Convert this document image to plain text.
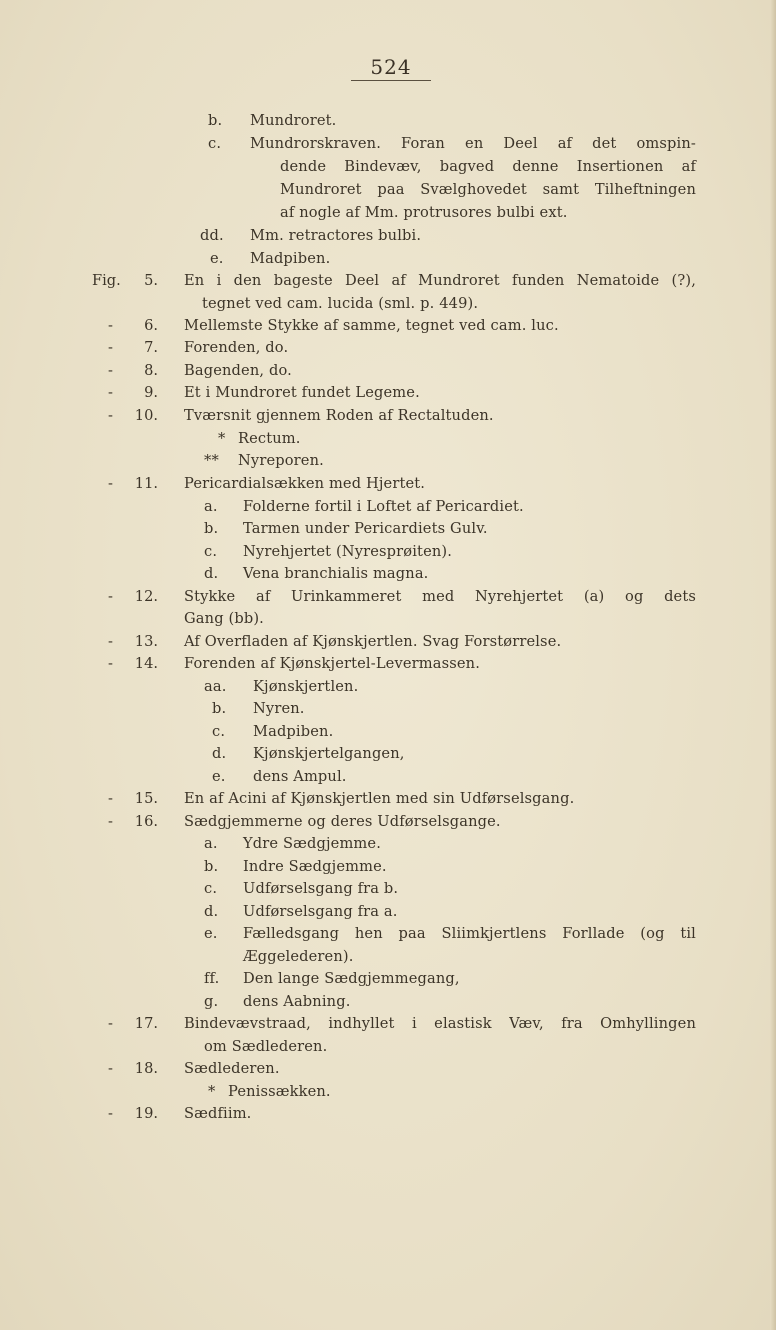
524
b. Mundroret.
c. Mundrorskraven. Foran en Deel af det omspin-
dende Bindevæv, bagved denne Insertionen af
Mundroret paa Svælghovedet samt Tilheftningen
af nogle af Mm. protrusores bulbi ext.
dd. Mm. retractores bulbi.
e. Madpiben.
Fig. 5. En i den bageste Deel af Mundroret funden Nematoide (?),
tegnet ved cam. lucida (sml. p. 449).
- 6. Mellemste Stykke af samme, tegnet ved cam. luc.
- 7. Forenden, do.
- 8. Bagenden, do.
- 9. Et i Mundroret fundet Legeme.
- 10. Tværsnit gjennem Roden af Rectaltuden.
* Rectum.
** Nyreporen.
- 11. Pericardialsækken med Hjertet.
a. Folderne fortil i Loftet af Pericardiet.
b. Tarmen under Pericardiets Gulv.
c. Nyrehjertet (Nyresprøiten).
d. Vena branchialis magna.
- 12. Stykke af Urinkammeret med Nyrehjertet (a) og dets
Gang (bb).
- 13. Af Overfladen af Kjønskjertlen. Svag Forstørrelse.
- 14. Forenden af Kjønskjertel-Levermassen.
aa. Kjønskjertlen.
b. Nyren.
c. Madpiben.
d. Kjønskjertelgangen,
e. dens Ampul.
- 15. En af Acini af Kjønskjertlen med sin Udførselsgang.
- 16. Sædgjemmerne og deres Udførselsgange.
a. Ydre Sædgjemme.
b. Indre Sædgjemme.
c. Udførselsgang fra b.
d. Udførselsgang fra a.
e. Fælledsgang hen paa Sliimkjertlens Forllade (og til
Æggelederen).
ff. Den lange Sædgjemmegang,
g. dens Aabning.
- 17. Bindevævstraad, indhyllet i elastisk Væv, fra Omhyllingen
om Sædlederen.
- 18. Sædlederen.
* Penissækken.
- 19. Sædfiim.
